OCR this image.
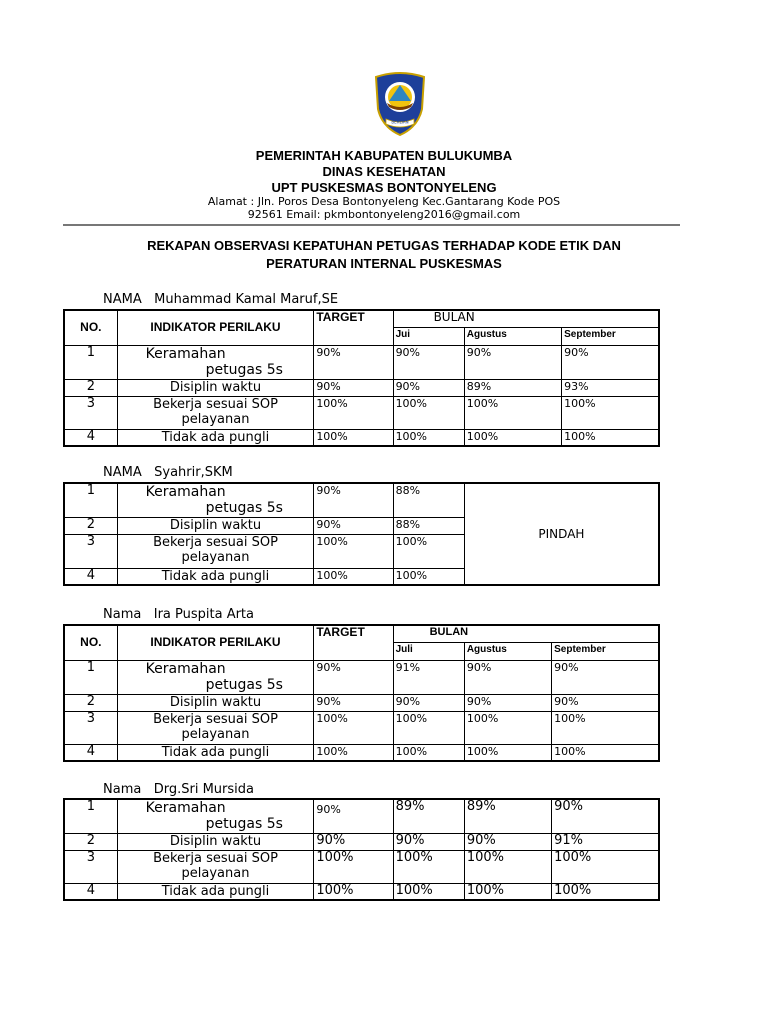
BERLIAN
PEMERINTAH KABUPATEN BULUKUMBA
DINAS KESEHATAN
UPT PUSKESMAS BONTONYELENG
Alamat : Jln. Poros Desa Bontonyeleng Kec.Gantarang Kode POS
92561 Email: pkmbontonyeleng2016@gmail.com
REKAPAN OBSERVASI KEPATUHAN PETUGAS TERHADAP KODE ETIK DAN
PERATURAN INTERNAL PUSKESMAS
NAMA Muhammad Kamal Maruf,SE
NO.	INDIKATOR PERILAKU	TARGET	BULAN		
			Jui	Agustus	September
1	Keramahan
petugas 5s	90%	90%	90%	90%
2	Disiplin waktu	90%	90%	89%	93%
3	Bekerja sesuai SOP
pelayanan	100%	100%	100%	100%
4	Tidak ada pungli	100%	100%	100%	100%
NAMA Syahrir,SKM
1	Keramahan
petugas 5s	90%	88%	PINDAH
2	Disiplin waktu	90%	88%	
3	Bekerja sesuai SOP
pelayanan	100%	100%	
4	Tidak ada pungli	100%	100%	
Nama Ira Puspita Arta
NO.	INDIKATOR PERILAKU	TARGET	BULAN		
			Juli	Agustus	September
1	Keramahan
petugas 5s	90%	91%	90%	90%
2	Disiplin waktu	90%	90%	90%	90%
3	Bekerja sesuai SOP
pelayanan	100%	100%	100%	100%
4	Tidak ada pungli	100%	100%	100%	100%
Nama Drg.Sri Mursida
1	Keramahan
petugas 5s	90%	89%	89%	90%
2	Disiplin waktu	90%	90%	90%	91%
3	Bekerja sesuai SOP
pelayanan	100%	100%	100%	100%
4	Tidak ada pungli	100%	100%	100%	100%
